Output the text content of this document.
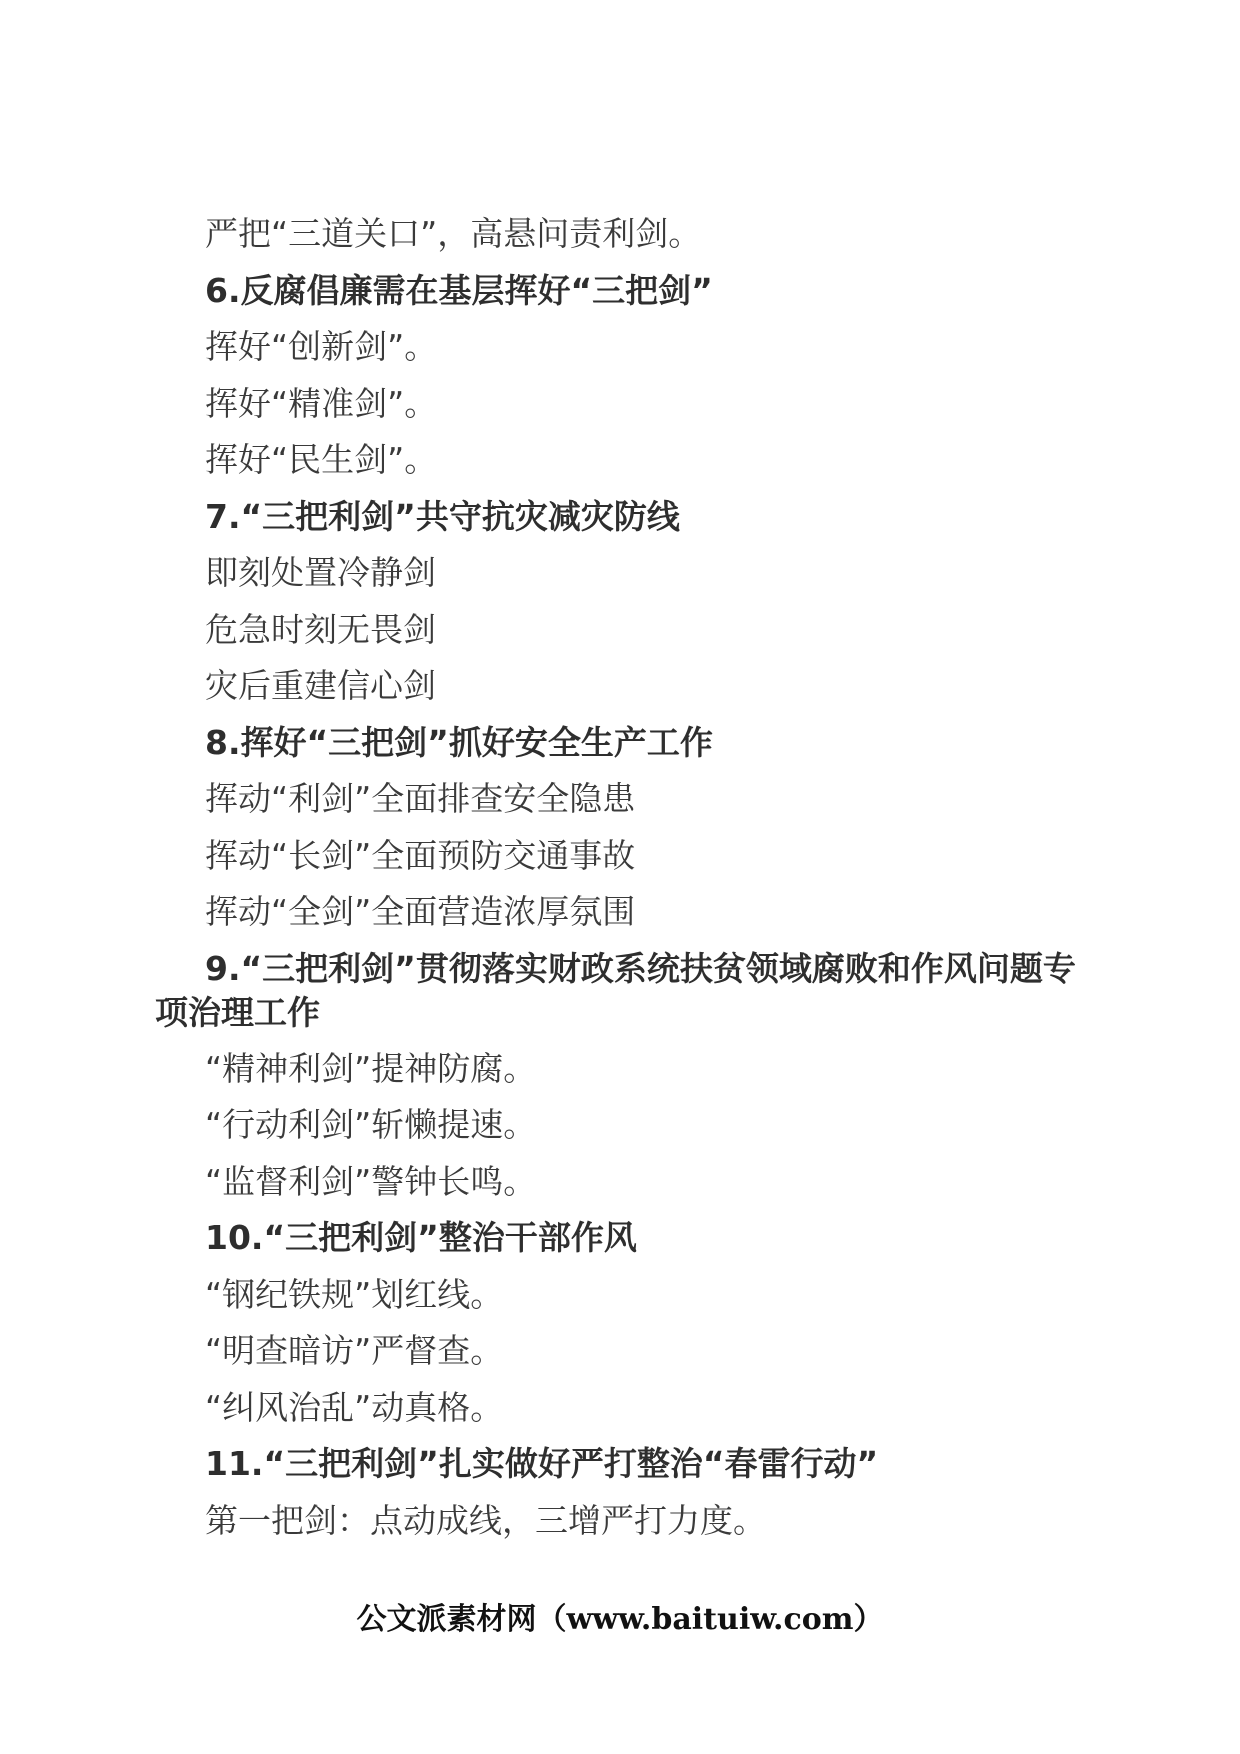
严把“三道关口”，高悬问责利剑。

6.反腐倡廉需在基层挥好“三把剑”

挥好“创新剑”。

挥好“精准剑”。

挥好“民生剑”。

7.“三把利剑”共守抗灾减灾防线

即刻处置冷静剑

危急时刻无畏剑

灾后重建信心剑

8.挥好“三把剑”抓好安全生产工作

挥动“利剑”全面排查安全隐患

挥动“长剑”全面预防交通事故

挥动“全剑”全面营造浓厚氛围

9.“三把利剑”贯彻落实财政系统扶贫领域腐败和作风问题专项治理工作

“精神利剑”提神防腐。

“行动利剑”斩懒提速。

“监督利剑”警钟长鸣。

10.“三把利剑”整治干部作风

“钢纪铁规”划红线。

“明查暗访”严督查。

“纠风治乱”动真格。

11.“三把利剑”扎实做好严打整治“春雷行动”

第一把剑：点动成线，三增严打力度。

公文派素材网（www.baituiw.com）
